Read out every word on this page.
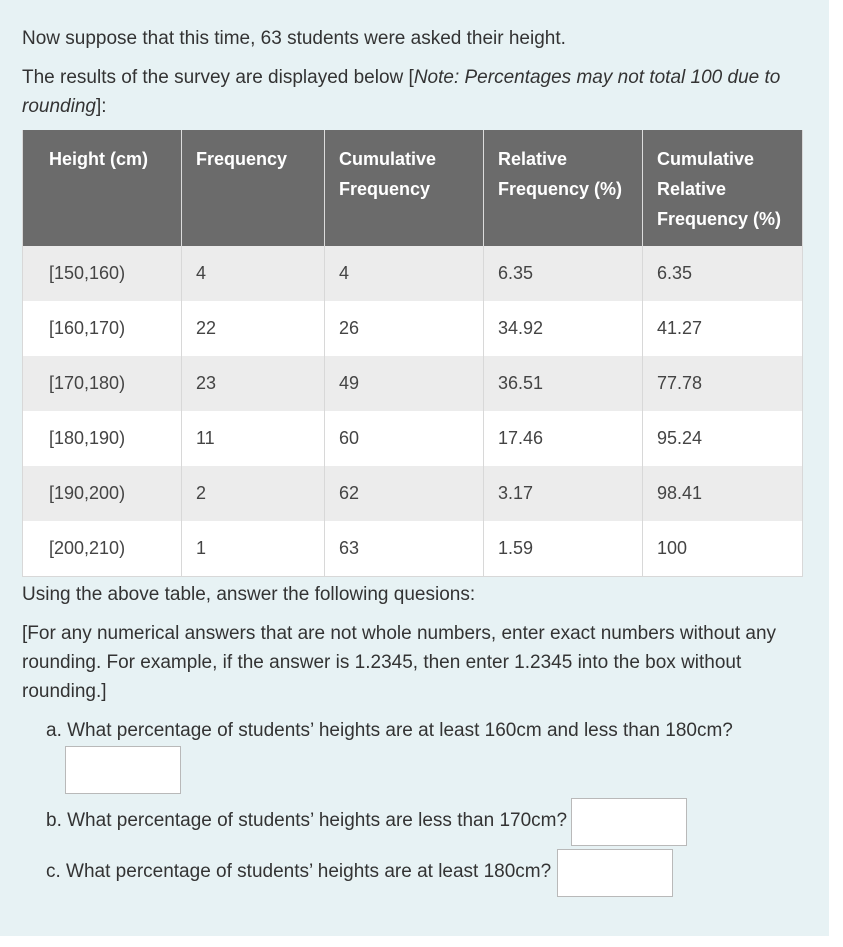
Now suppose that this time, 63 students were asked their height.

The results of the survey are displayed below [Note: Percentages may not total 100 due to rounding]:

Height (cm)	Frequency	Cumulative Frequency	Relative Frequency (%)	Cumulative Relative Frequency (%)
[150,160)	4	4	6.35	6.35
[160,170)	22	26	34.92	41.27
[170,180)	23	49	36.51	77.78
[180,190)	11	60	17.46	95.24
[190,200)	2	62	3.17	98.41
[200,210)	1	63	1.59	100

Using the above table, answer the following quesions:

[For any numerical answers that are not whole numbers, enter exact numbers without any rounding. For example, if the answer is 1.2345, then enter 1.2345 into the box without rounding.]

a. What percentage of students’ heights are at least 160cm and less than 180cm?
b. What percentage of students’ heights are less than 170cm?
c. What percentage of students’ heights are at least 180cm?
